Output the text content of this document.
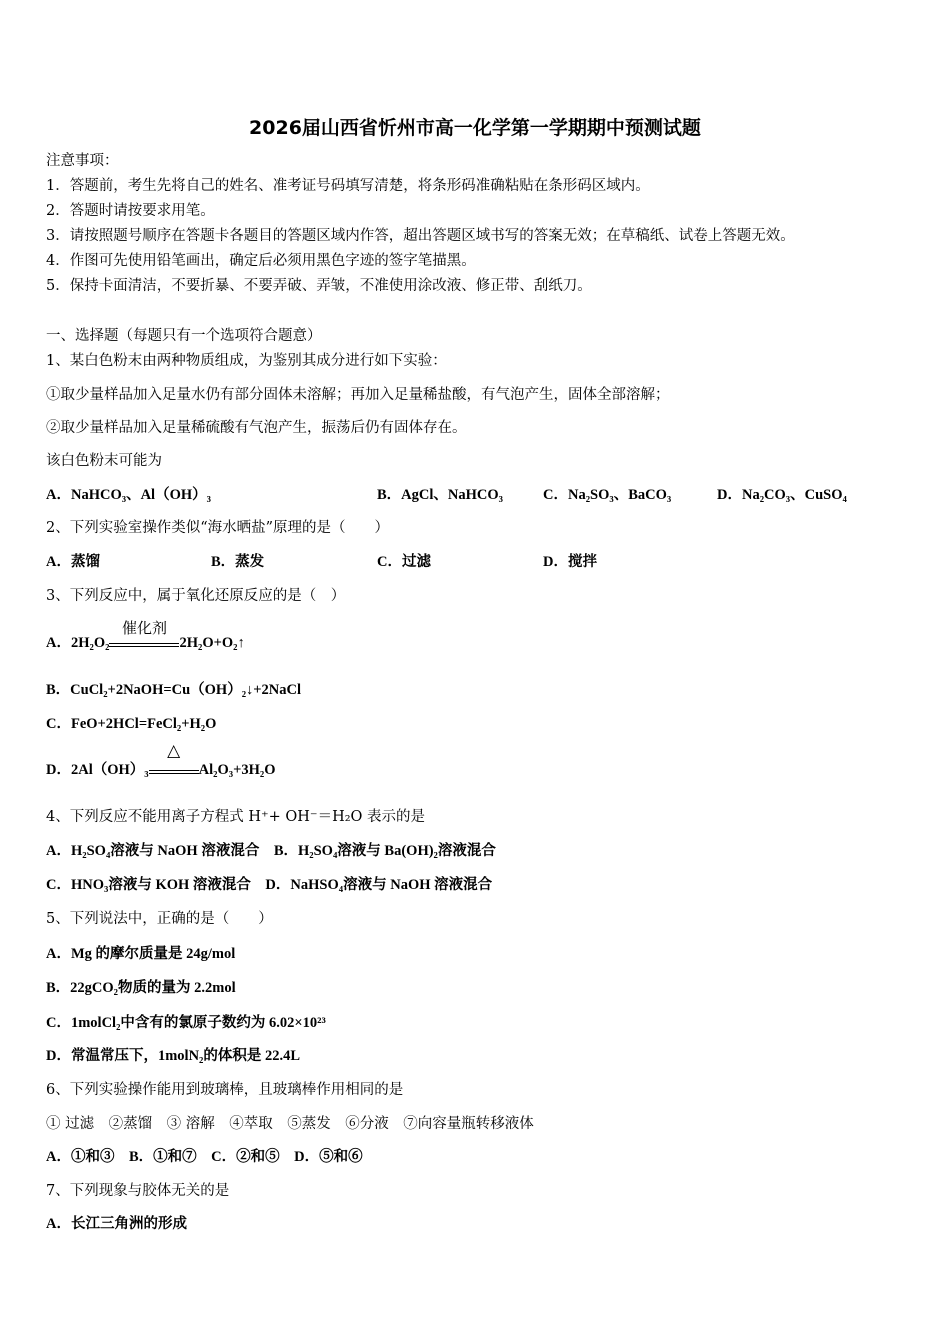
2026届山西省忻州市高一化学第一学期期中预测试题
注意事项：
1．答题前，考生先将自己的姓名、准考证号码填写清楚，将条形码准确粘贴在条形码区域内。
2．答题时请按要求用笔。
3．请按照题号顺序在答题卡各题目的答题区域内作答，超出答题区域书写的答案无效；在草稿纸、试卷上答题无效。
4．作图可先使用铅笔画出，确定后必须用黑色字迹的签字笔描黑。
5．保持卡面清洁，不要折暴、不要弄破、弄皱，不准使用涂改液、修正带、刮纸刀。
一、选择题（每题只有一个选项符合题意）
1、某白色粉末由两种物质组成，为鉴别其成分进行如下实验：
①取少量样品加入足量水仍有部分固体未溶解；再加入足量稀盐酸，有气泡产生，固体全部溶解；
②取少量样品加入足量稀硫酸有气泡产生，振荡后仍有固体存在。
该白色粉末可能为
A．NaHCO₃、Al（OH）₃	B．AgCl、NaHCO₃	C．Na₂SO₃、BaCO₃	D．Na₂CO₃、CuSO₄
2、下列实验室操作类似“海水晒盐”原理的是（　　）
A．蒸馏	B．蒸发	C．过滤	D．搅拌
3、下列反应中，属于氧化还原反应的是（　）
A．2H₂O₂
催化剂
2H₂O+O₂↑
B．CuCl₂+2NaOH=Cu（OH）₂↓+2NaCl
C．FeO+2HCl=FeCl₂+H₂O
D．2Al（OH）₃
△
Al₂O₃+3H₂O
4、下列反应不能用离子方程式 H⁺+ OH⁻＝H₂O 表示的是
A．H₂SO₄溶液与 NaOH 溶液混合　B．H₂SO₄溶液与 Ba(OH)₂溶液混合
C．HNO₃溶液与 KOH 溶液混合　D．NaHSO₄溶液与 NaOH 溶液混合
5、下列说法中，正确的是（　　）
A．Mg 的摩尔质量是 24g/mol
B．22gCO₂物质的量为 2.2mol
C．1molCl₂中含有的氯原子数约为 6.02×10²³
D．常温常压下，1molN₂的体积是 22.4L
6、下列实验操作能用到玻璃棒，且玻璃棒作用相同的是
① 过滤　②蒸馏　③ 溶解　④萃取　⑤蒸发　⑥分液　⑦向容量瓶转移液体
A．①和③　B．①和⑦　C．②和⑤　D．⑤和⑥
7、下列现象与胶体无关的是
A．长江三角洲的形成
